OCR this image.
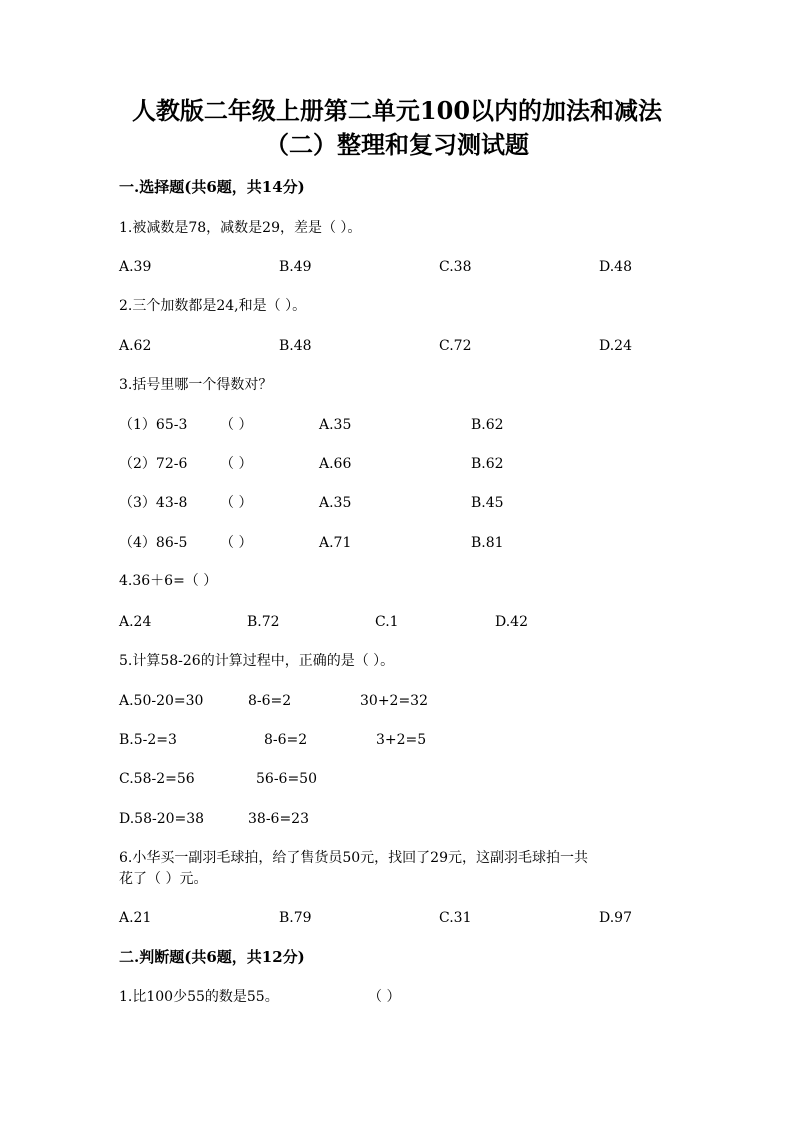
人教版二年级上册第二单元100以内的加法和减法
（二）整理和复习测试题
一.选择题(共6题，共14分)
1.被减数是78，减数是29，差是（ ）。
A.39	B.49	C.38	D.48
2.三个加数都是24,和是（ ）。
A.62	B.48	C.72	D.24
3.括号里哪一个得数对？
（1）65-3 （ ）	A.35	B.62
（2）72-6 （ ）	A.66	B.62
（3）43-8 （ ）	A.35	B.45
（4）86-5 （ ）	A.71	B.81
4.36＋6=（ ）
A.24	B.72	C.1	D.42
5.计算58-26的计算过程中，正确的是（ ）。
A.50-20=30	8-6=2	30+2=32
B.5-2=3	8-6=2	3+2=5
C.58-2=56	56-6=50
D.58-20=38	38-6=23
6.小华买一副羽毛球拍，给了售货员50元，找回了29元，这副羽毛球拍一共
花了（ ）元。
A.21	B.79	C.31	D.97
二.判断题(共6题，共12分)
1.比100少55的数是55。	（ ）
